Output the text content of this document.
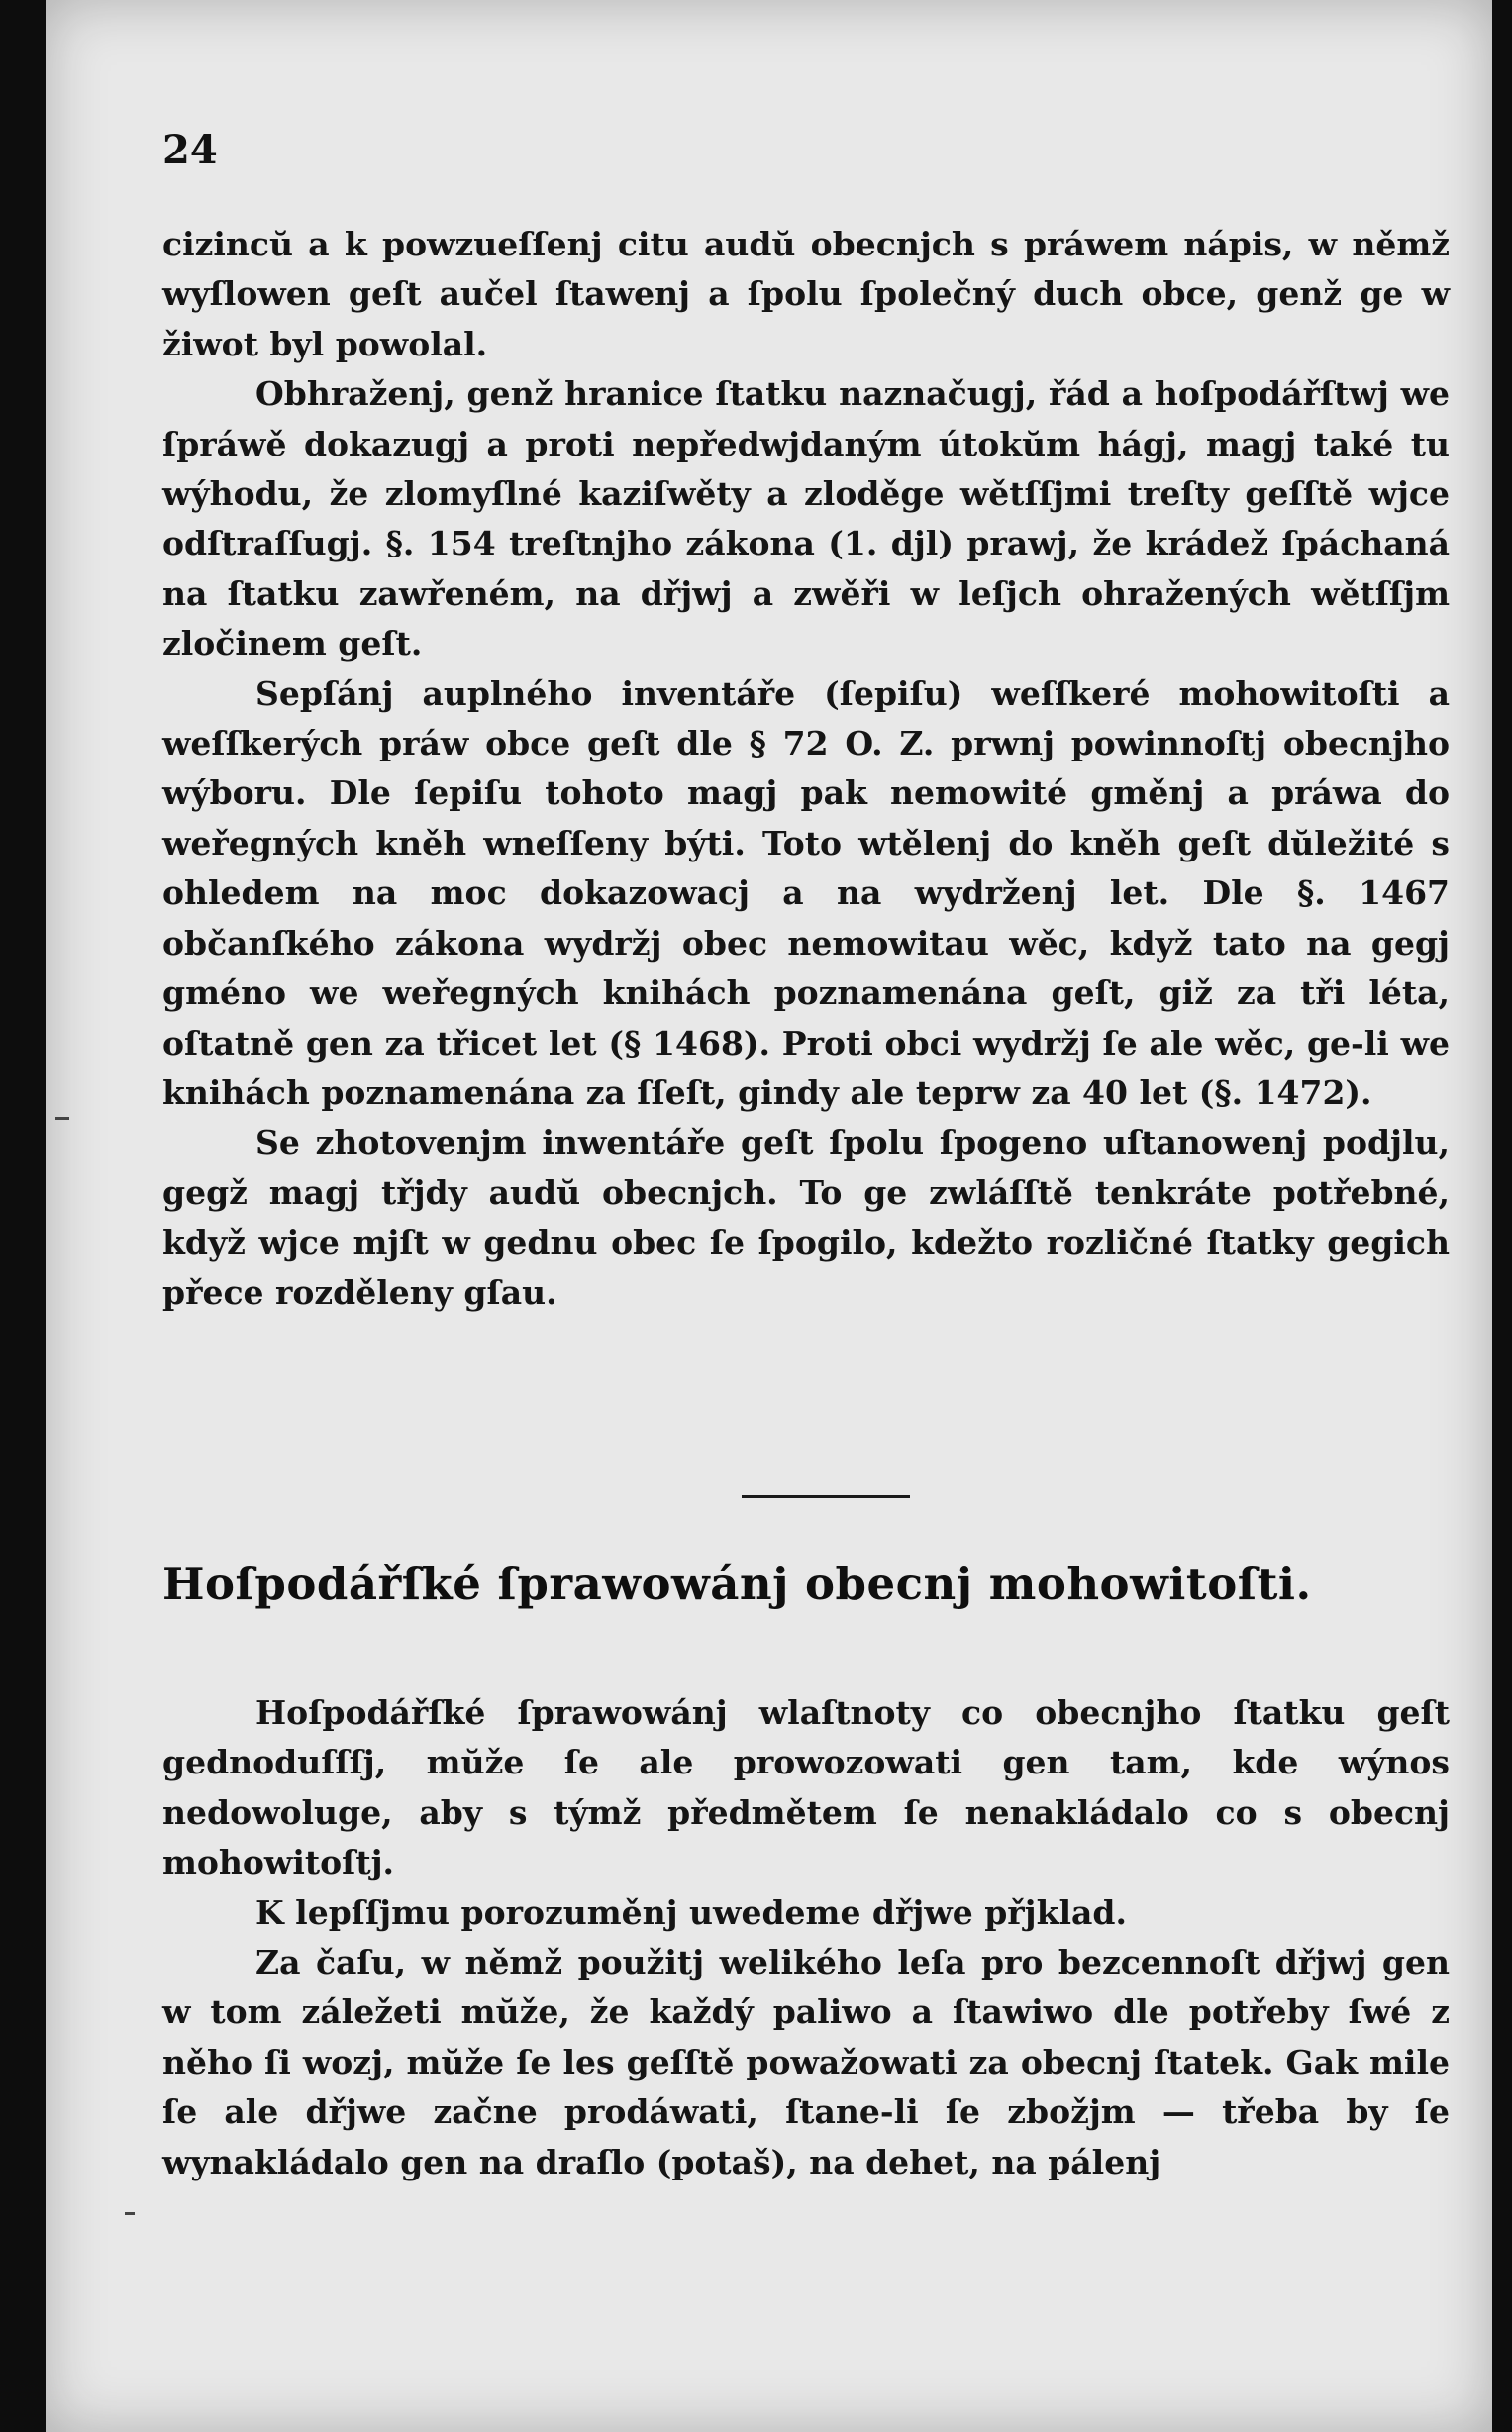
24

cizincŭ a k powzueſſenj citu audŭ obecnjch s práwem nápis, w němž wyſlowen geſt aučel ſtawenj a ſpolu ſpolečný duch obce, genž ge w žiwot byl powolal.

Obhraženj, genž hranice ſtatku naznačugj, řád a hoſpodářſtwj we ſpráwě dokazugj a proti nepředwjdaným útokŭm hágj, magj také tu wýhodu, že zlomyſlné kaziſwěty a zloděge wětſſjmi treſty geſſtě wjce odſtraſſugj. §. 154 treſtnjho zákona (1. djl) prawj, že krádež ſpáchaná na ſtatku zawřeném, na dřjwj a zwěři w leſjch ohražených wětſſjm zločinem geſt.

Sepſánj auplného inventáře (ſepiſu) weſſkeré mohowitoſti a weſſkerých práw obce geſt dle § 72 O. Z. prwnj powinnoſtj obecnjho wýboru. Dle ſepiſu tohoto magj pak nemowité gměnj a práwa do weřegných kněh wneſſeny býti. Toto wtělenj do kněh geſt dŭležité s ohledem na moc dokazowacj a na wydrženj let. Dle §. 1467 občanſkého zákona wydržj obec nemowitau wěc, když tato na gegj gméno we weřegných knihách poznamenána geſt, giž za tři léta, oſtatně gen za třicet let (§ 1468). Proti obci wydržj ſe ale wěc, ge-li we knihách poznamenána za ſſeſt, gindy ale teprw za 40 let (§. 1472).

Se zhotovenjm inwentáře geſt ſpolu ſpogeno uſtanowenj podjlu, gegž magj třjdy audŭ obecnjch. To ge zwláſſtě tenkráte potřebné, když wjce mjſt w gednu obec ſe ſpogilo, kdežto rozličné ſtatky gegich přece rozděleny gſau.

Hoſpodářſké ſprawowánj obecnj mohowitoſti.

Hoſpodářſké ſprawowánj wlaſtnoty co obecnjho ſtatku geſt gednoduſſſj, mŭže ſe ale prowozowati gen tam, kde wýnos nedowoluge, aby s týmž předmětem ſe nenakládalo co s obecnj mohowitoſtj.

K lepſſjmu porozuměnj uwedeme dřjwe přjklad.

Za čaſu, w němž použitj welikého leſa pro bezcennoſt dřjwj gen w tom záležeti mŭže, že každý paliwo a ſtawiwo dle potřeby ſwé z něho ſi wozj, mŭže ſe les geſſtě powažowati za obecnj ſtatek. Gak mile ſe ale dřjwe začne prodáwati, ſtane-li ſe zbožjm — třeba by ſe wynakládalo gen na draſlo (potaš), na dehet, na pálenj
